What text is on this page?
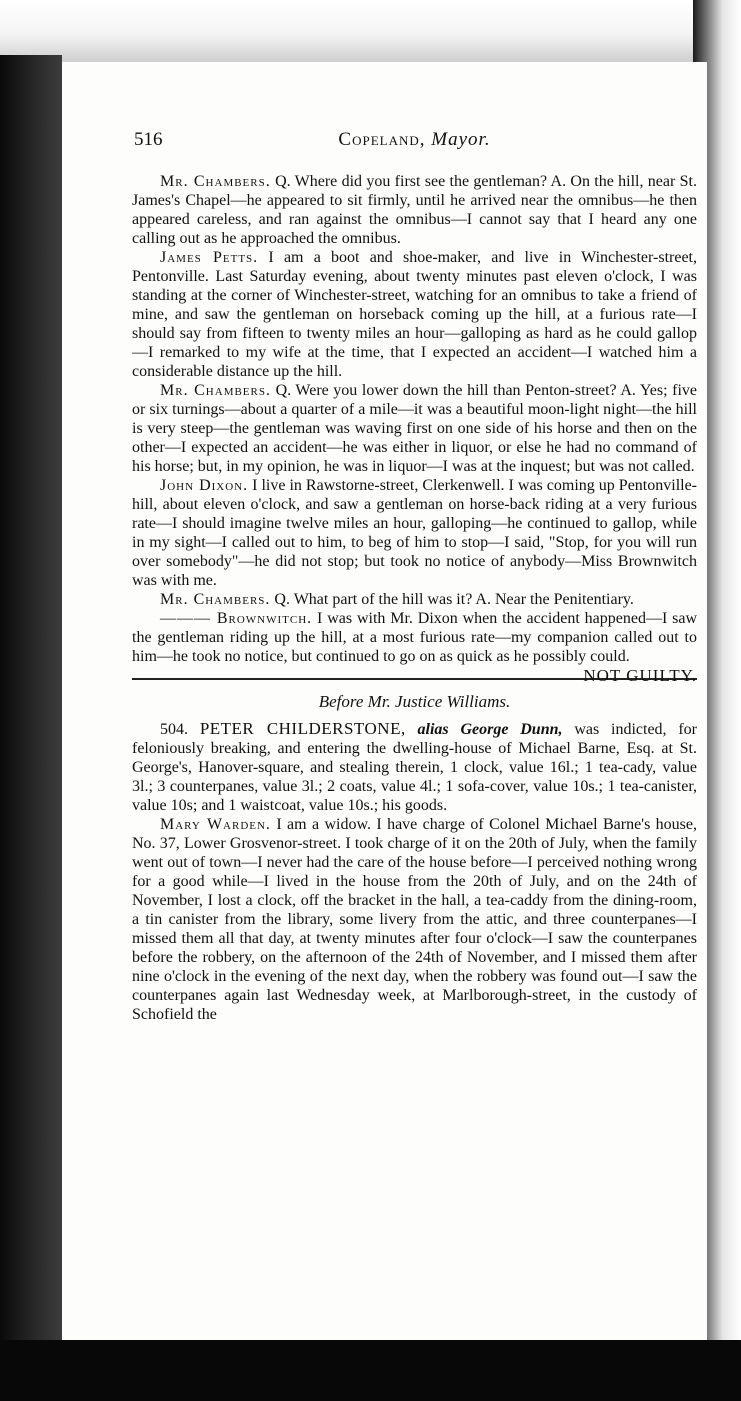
516	Copeland, Mayor.

Mr. Chambers. Q. Where did you first see the gentleman? A. On the hill, near St. James's Chapel—he appeared to sit firmly, until he arrived near the omnibus—he then appeared careless, and ran against the omnibus—I cannot say that I heard any one calling out as he approached the omnibus.

James Petts. I am a boot and shoe-maker, and live in Winchester-street, Pentonville. Last Saturday evening, about twenty minutes past eleven o'clock, I was standing at the corner of Winchester-street, watching for an omnibus to take a friend of mine, and saw the gentleman on horseback coming up the hill, at a furious rate—I should say from fifteen to twenty miles an hour—galloping as hard as he could gallop—I remarked to my wife at the time, that I expected an accident—I watched him a considerable distance up the hill.

Mr. Chambers. Q. Were you lower down the hill than Penton-street? A. Yes; five or six turnings—about a quarter of a mile—it was a beautiful moon-light night—the hill is very steep—the gentleman was waving first on one side of his horse and then on the other—I expected an accident—he was either in liquor, or else he had no command of his horse; but, in my opinion, he was in liquor—I was at the inquest; but was not called.

John Dixon. I live in Rawstorne-street, Clerkenwell. I was coming up Pentonville-hill, about eleven o'clock, and saw a gentleman on horse-back riding at a very furious rate—I should imagine twelve miles an hour, galloping—he continued to gallop, while in my sight—I called out to him, to beg of him to stop—I said, "Stop, for you will run over somebody"—he did not stop; but took no notice of anybody—Miss Brownwitch was with me.

Mr. Chambers. Q. What part of the hill was it? A. Near the Penitentiary.

——— Brownwitch. I was with Mr. Dixon when the accident happened—I saw the gentleman riding up the hill, at a most furious rate—my companion called out to him—he took no notice, but continued to go on as quick as he possibly could.
NOT GUILTY.

Before Mr. Justice Williams.

504. PETER CHILDERSTONE, alias George Dunn, was indicted, for feloniously breaking, and entering the dwelling-house of Michael Barne, Esq. at St. George's, Hanover-square, and stealing therein, 1 clock, value 16l.; 1 tea-cady, value 3l.; 3 counterpanes, value 3l.; 2 coats, value 4l.; 1 sofa-cover, value 10s.; 1 tea-canister, value 10s; and 1 waistcoat, value 10s.; his goods.

Mary Warden. I am a widow. I have charge of Colonel Michael Barne's house, No. 37, Lower Grosvenor-street. I took charge of it on the 20th of July, when the family went out of town—I never had the care of the house before—I perceived nothing wrong for a good while—I lived in the house from the 20th of July, and on the 24th of November, I lost a clock, off the bracket in the hall, a tea-caddy from the dining-room, a tin canister from the library, some livery from the attic, and three counterpanes—I missed them all that day, at twenty minutes after four o'clock—I saw the counterpanes before the robbery, on the afternoon of the 24th of November, and I missed them after nine o'clock in the evening of the next day, when the robbery was found out—I saw the counterpanes again last Wednesday week, at Marlborough-street, in the custody of Schofield the
